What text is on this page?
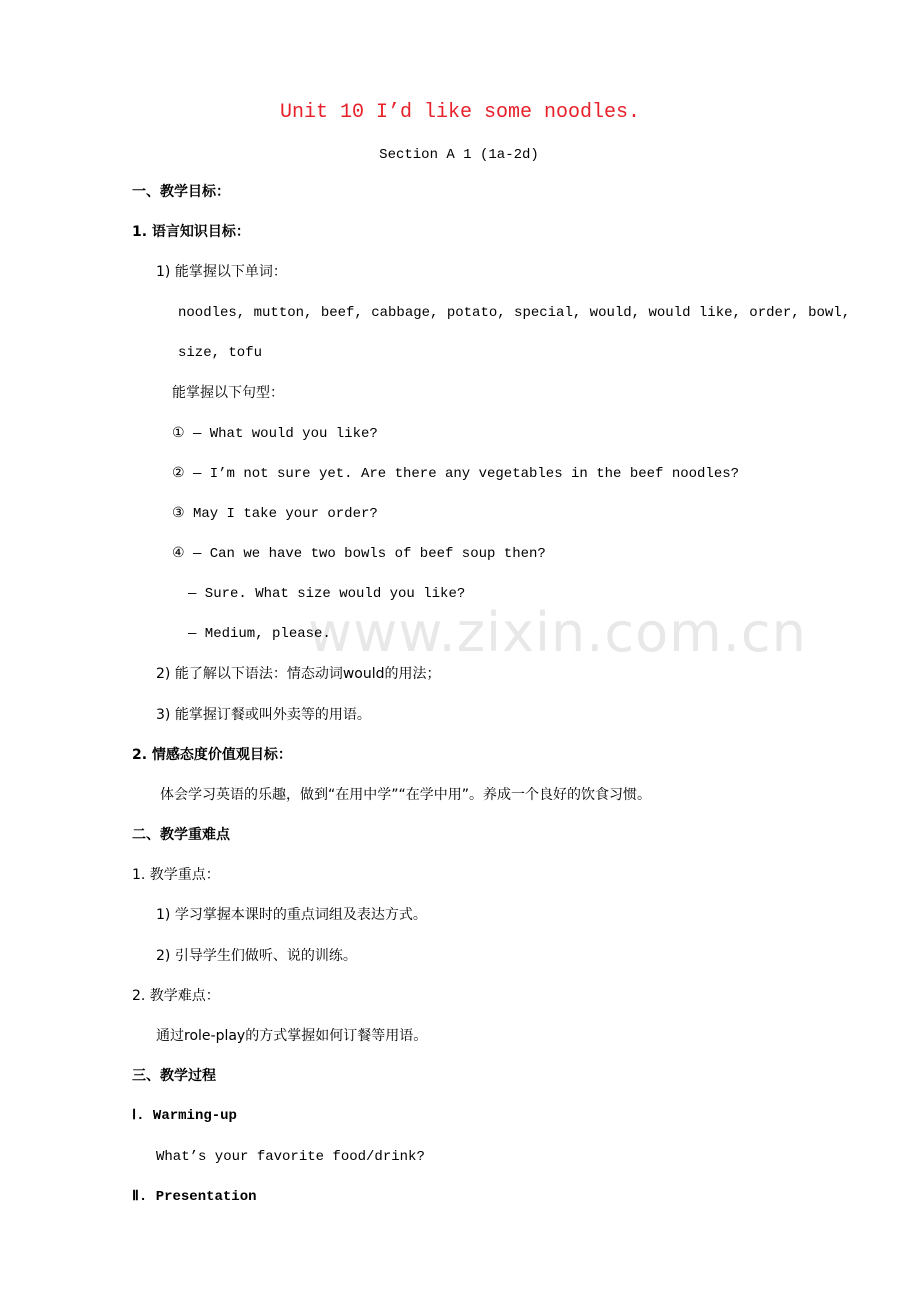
www.zixin.com.cn
Unit 10 I’d like some noodles.
Section A 1 (1a-2d)
一、教学目标：
1. 语言知识目标：
1) 能掌握以下单词：
noodles, mutton, beef, cabbage, potato, special, would, would like, order, bowl,
size, tofu
能掌握以下句型：
① — What would you like?
② — I’m not sure yet. Are there any vegetables in the beef noodles?
③ May I take your order?
④ — Can we have two bowls of beef soup then?
— Sure. What size would you like?
— Medium, please.
2) 能了解以下语法：情态动词would的用法；
3) 能掌握订餐或叫外卖等的用语。
2. 情感态度价值观目标：
体会学习英语的乐趣，做到“在用中学”“在学中用”。养成一个良好的饮食习惯。
二、教学重难点
1. 教学重点：
1) 学习掌握本课时的重点词组及表达方式。
2) 引导学生们做听、说的训练。
2. 教学难点：
通过role-play的方式掌握如何订餐等用语。
三、教学过程
Ⅰ. Warming-up
What’s your favorite food/drink?
Ⅱ. Presentation
